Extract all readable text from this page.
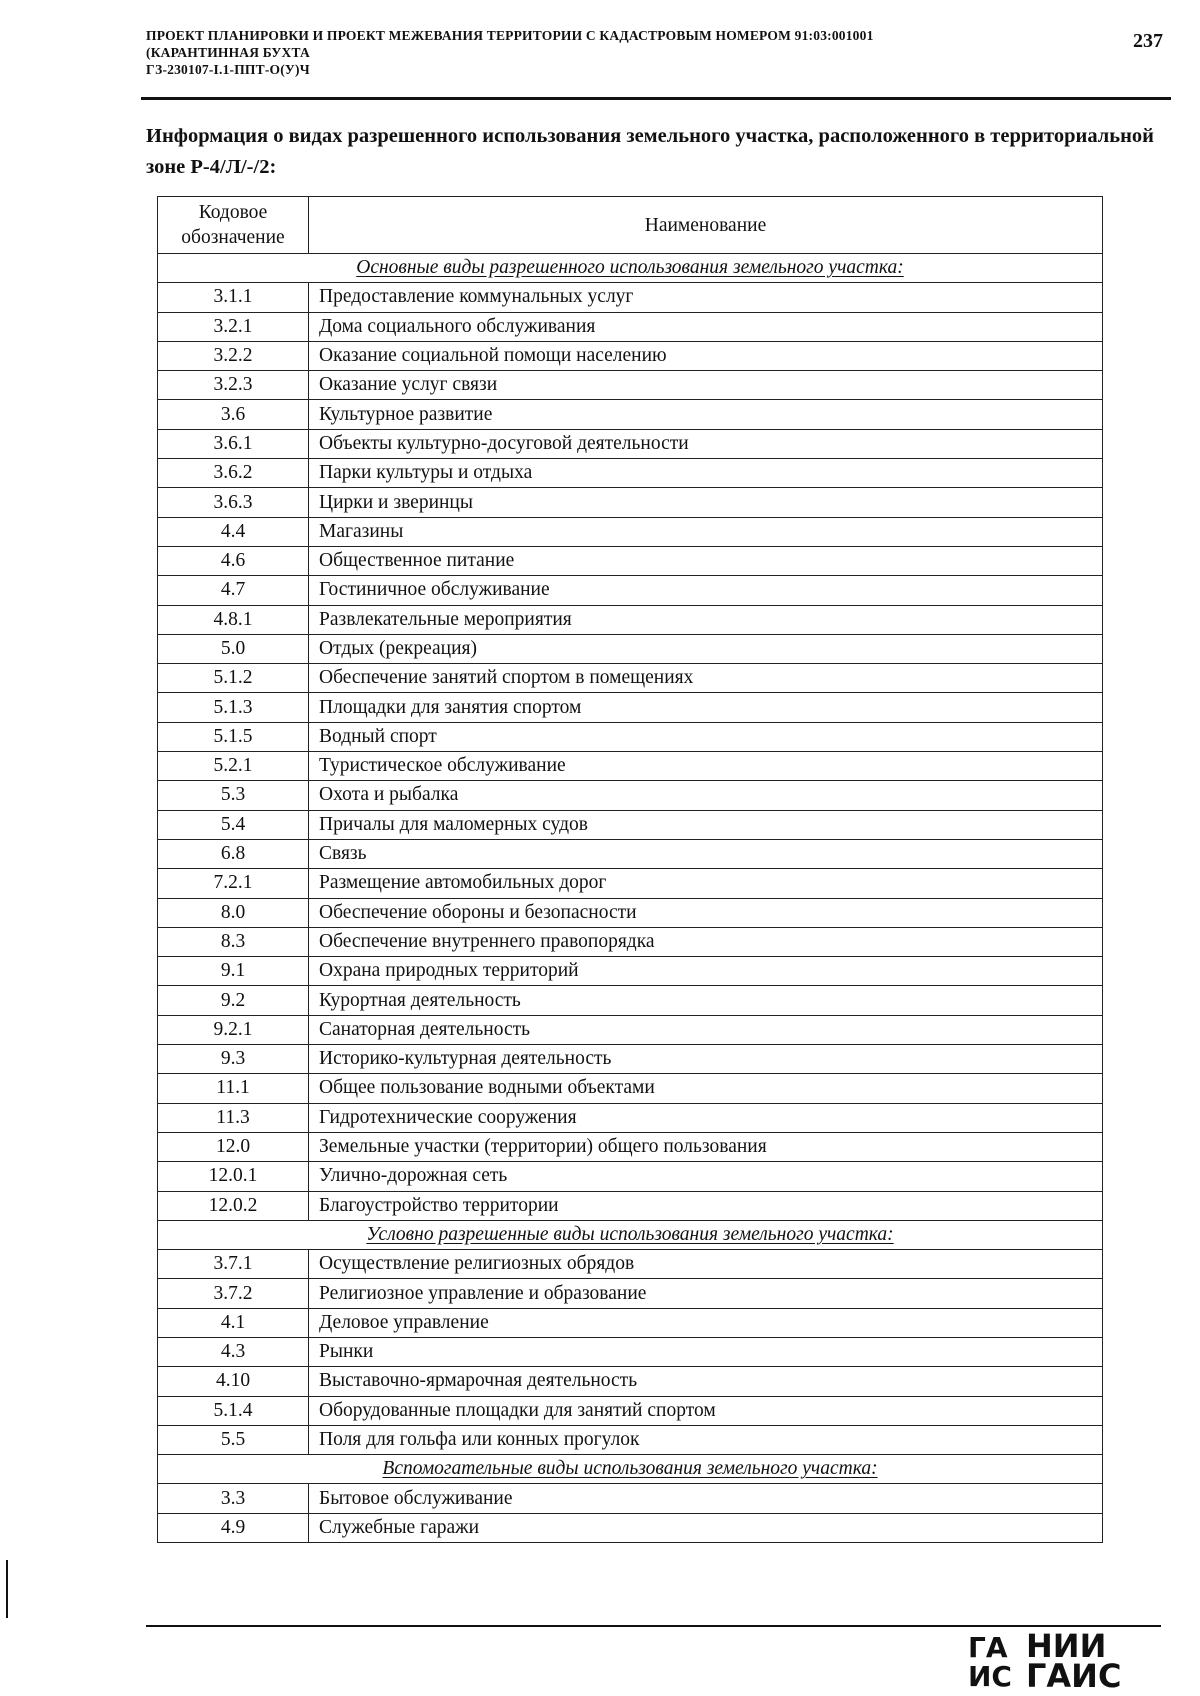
ПРОЕКТ ПЛАНИРОВКИ И ПРОЕКТ МЕЖЕВАНИЯ ТЕРРИТОРИИ С КАДАСТРОВЫМ НОМЕРОМ 91:03:001001
(КАРАНТИННАЯ БУХТА
ГЗ-230107-I.1-ППТ-О(У)Ч
237
Информация о видах разрешенного использования земельного участка, расположенного в территориальной зоне Р-4/Л/-/2:
Кодовое обозначение	Наименование
Основные виды разрешенного использования земельного участка:	
3.1.1	Предоставление коммунальных услуг
3.2.1	Дома социального обслуживания
3.2.2	Оказание социальной помощи населению
3.2.3	Оказание услуг связи
3.6	Культурное развитие
3.6.1	Объекты культурно-досуговой деятельности
3.6.2	Парки культуры и отдыха
3.6.3	Цирки и зверинцы
4.4	Магазины
4.6	Общественное питание
4.7	Гостиничное обслуживание
4.8.1	Развлекательные мероприятия
5.0	Отдых (рекреация)
5.1.2	Обеспечение занятий спортом в помещениях
5.1.3	Площадки для занятия спортом
5.1.5	Водный спорт
5.2.1	Туристическое обслуживание
5.3	Охота и рыбалка
5.4	Причалы для маломерных судов
6.8	Связь
7.2.1	Размещение автомобильных дорог
8.0	Обеспечение обороны и безопасности
8.3	Обеспечение внутреннего правопорядка
9.1	Охрана природных территорий
9.2	Курортная деятельность
9.2.1	Санаторная деятельность
9.3	Историко-культурная деятельность
11.1	Общее пользование водными объектами
11.3	Гидротехнические сооружения
12.0	Земельные участки (территории) общего пользования
12.0.1	Улично-дорожная сеть
12.0.2	Благоустройство территории
Условно разрешенные виды использования земельного участка:	
3.7.1	Осуществление религиозных обрядов
3.7.2	Религиозное управление и образование
4.1	Деловое управление
4.3	Рынки
4.10	Выставочно-ярмарочная деятельность
5.1.4	Оборудованные площадки для занятий спортом
5.5	Поля для гольфа или конных прогулок
Вспомогательные виды использования земельного участка:	
3.3	Бытовое обслуживание
4.9	Служебные гаражи
ГА
ИС
НИИ
ГАИС
